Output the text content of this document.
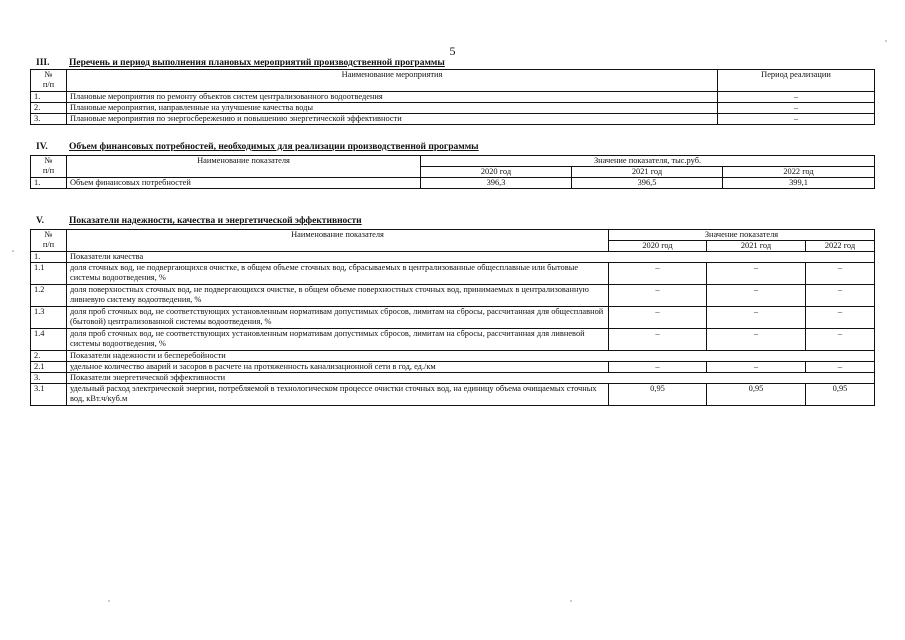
5
III. Перечень и период выполнения плановых мероприятий производственной программы
№
п/п	Наименование мероприятия	Период реализации
1.	Плановые мероприятия по ремонту объектов систем централизованного водоотведения	–
2.	Плановые мероприятия, направленные на улучшение качества воды	–
3.	Плановые мероприятия по энергосбережению и повышению энергетической эффективности	–
IV. Объем финансовых потребностей, необходимых для реализации производственной программы
№
п/п	Наименование показателя	Значение показателя, тыс.руб.		
		2020 год	2021 год	2022 год
1.	Объем финансовых потребностей	396,3	396,5	399,1
V.	Показатели надежности, качества и энергетической эффективности
№
п/п	Наименование показателя	Значение показателя		
		2020 год	2021 год	2022 год
1.	Показатели качества			
1.1	доля сточных вод, не подвергающихся очистке, в общем объеме сточных вод, сбрасываемых в централизованные общесплавные или бытовые системы водоотведения, %	–	–	–
1.2	доля поверхностных сточных вод, не подвергающихся очистке, в общем объеме поверхностных сточных вод, принимаемых в централизованную ливневую систему водоотведения, %	–	–	–
1.3	доля проб сточных вод, не соответствующих установленным нормативам допустимых сбросов, лимитам на сбросы, рассчитанная для общесплавной (бытовой) централизованной системы водоотведения, %	–	–	–
1.4	доля проб сточных вод, не соответствующих установленным нормативам допустимых сбросов, лимитам на сбросы, рассчитанная для ливневой системы водоотведения, %	–	–	–
2.	Показатели надежности и бесперебойности			
2.1	удельное количество аварий и засоров в расчете на протяженность канализационной сети в год, ед./км	–	–	–
3.	Показатели энергетической эффективности			
3.1	удельный расход электрической энергии, потребляемой в технологическом процессе очистки сточных вод, на единицу объема очищаемых сточных вод, кВт.ч/куб.м	0,95	0,95	0,95
